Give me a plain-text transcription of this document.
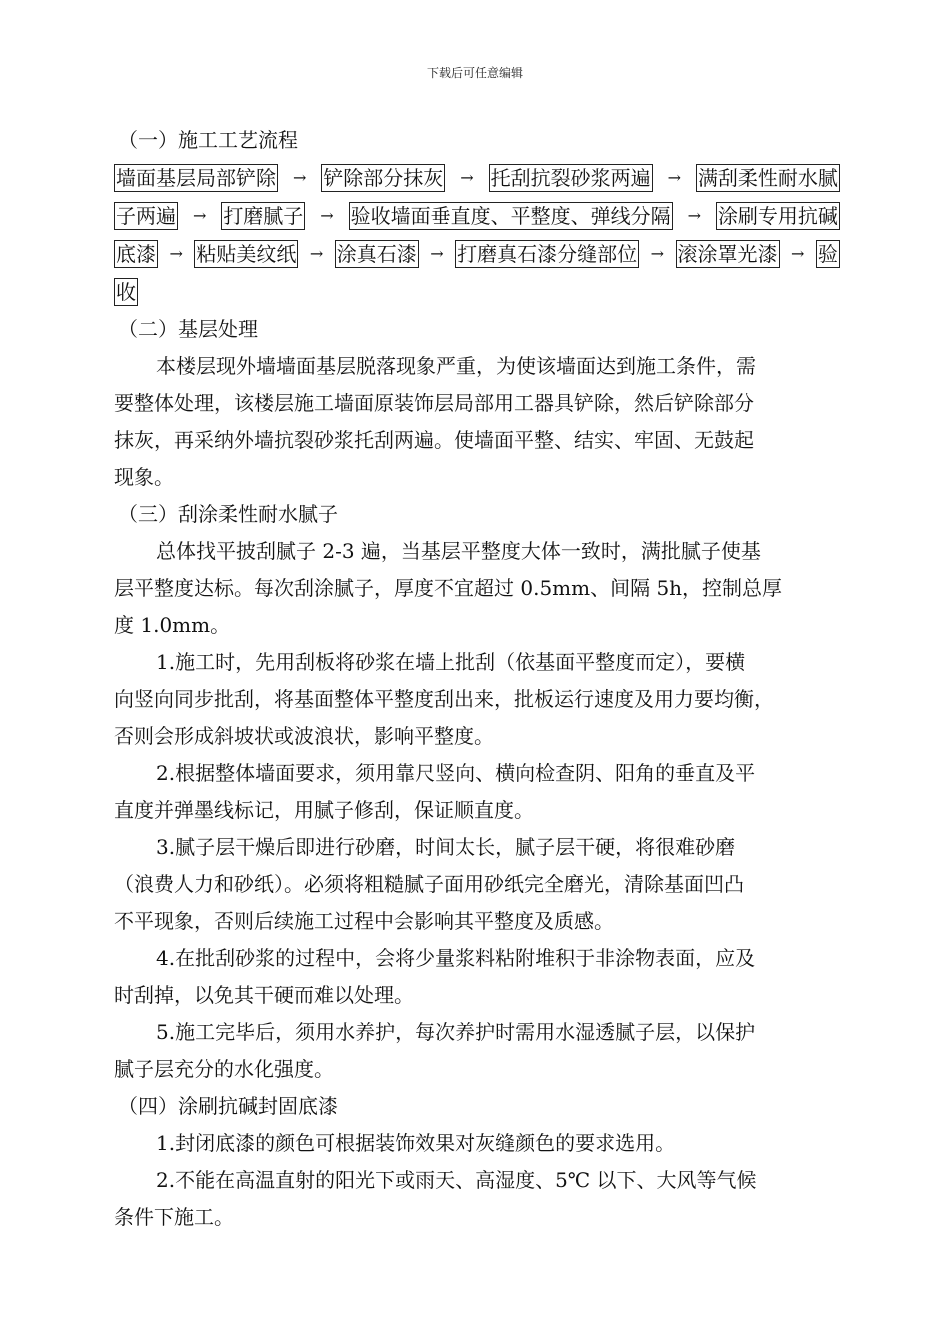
下载后可任意编辑
（一）施工工艺流程
墙面基层局部铲除 → 铲除部分抹灰 → 托刮抗裂砂浆两遍 → 满刮柔性耐水腻
子两遍 → 打磨腻子 → 验收墙面垂直度、平整度、弹线分隔 → 涂刷专用抗碱
底漆 → 粘贴美纹纸 → 涂真石漆 → 打磨真石漆分缝部位 → 滚涂罩光漆 → 验
收
（二）基层处理
本楼层现外墙墙面基层脱落现象严重，为使该墙面达到施工条件，需
要整体处理，该楼层施工墙面原装饰层局部用工器具铲除，然后铲除部分
抹灰，再采纳外墙抗裂砂浆托刮两遍。使墙面平整、结实、牢固、无鼓起
现象。
（三）刮涂柔性耐水腻子
总体找平披刮腻子 2-3 遍，当基层平整度大体一致时，满批腻子使基
层平整度达标。每次刮涂腻子，厚度不宜超过 0.5mm、间隔 5h，控制总厚
度 1.0mm。
1.施工时，先用刮板将砂浆在墙上批刮（依基面平整度而定），要横
向竖向同步批刮，将基面整体平整度刮出来，批板运行速度及用力要均衡，
否则会形成斜坡状或波浪状，影响平整度。
2.根据整体墙面要求，须用靠尺竖向、横向检查阴、阳角的垂直及平
直度并弹墨线标记，用腻子修刮，保证顺直度。
3.腻子层干燥后即进行砂磨，时间太长，腻子层干硬，将很难砂磨
（浪费人力和砂纸）。必须将粗糙腻子面用砂纸完全磨光，清除基面凹凸
不平现象，否则后续施工过程中会影响其平整度及质感。
4.在批刮砂浆的过程中，会将少量浆料粘附堆积于非涂物表面，应及
时刮掉，以免其干硬而难以处理。
5.施工完毕后，须用水养护，每次养护时需用水湿透腻子层，以保护
腻子层充分的水化强度。
（四）涂刷抗碱封固底漆
1.封闭底漆的颜色可根据装饰效果对灰缝颜色的要求选用。
2.不能在高温直射的阳光下或雨天、高湿度、5℃ 以下、大风等气候
条件下施工。
